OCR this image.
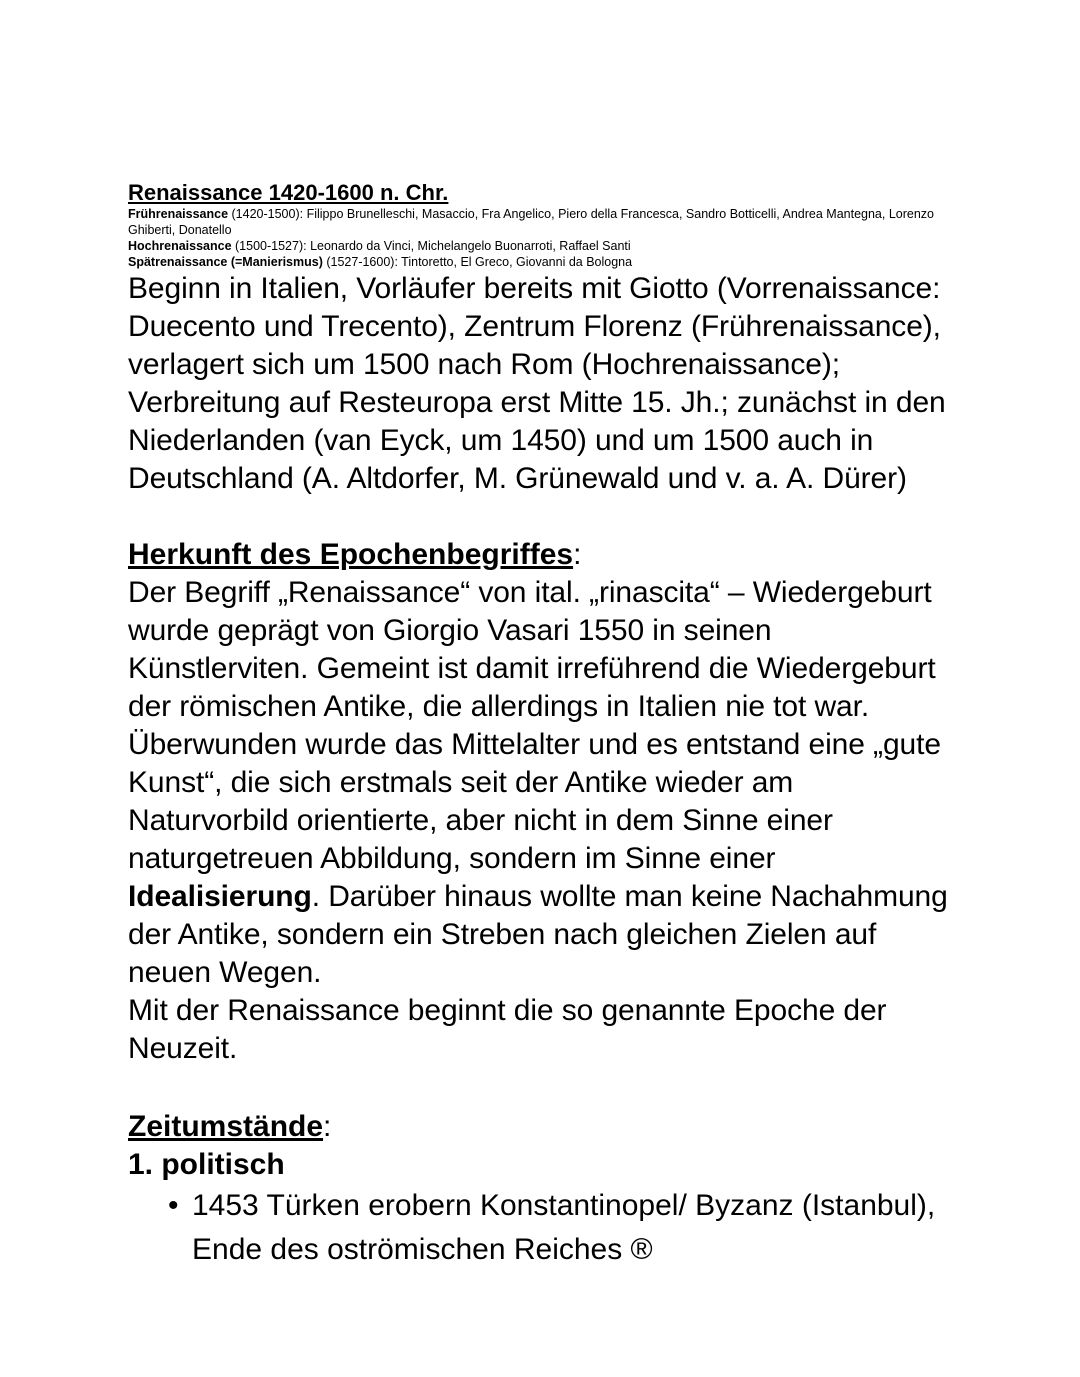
Renaissance 1420-1600 n. Chr.

Frührenaissance (1420-1500): Filippo Brunelleschi, Masaccio, Fra Angelico, Piero della Francesca, Sandro Botticelli, Andrea Mantegna, Lorenzo Ghiberti, Donatello

Hochrenaissance (1500-1527): Leonardo da Vinci, Michelangelo Buonarroti, Raffael Santi

Spätrenaissance (=Manierismus) (1527-1600): Tintoretto, El Greco, Giovanni da Bologna

Beginn in Italien, Vorläufer bereits mit Giotto (Vorrenaissance: Duecento und Trecento), Zentrum Florenz (Frührenaissance), verlagert sich um 1500 nach Rom (Hochrenaissance); Verbreitung auf Resteuropa erst Mitte 15. Jh.; zunächst in den Niederlanden (van Eyck, um 1450) und um 1500 auch in Deutschland (A. Altdorfer, M. Grünewald und v. a. A. Dürer)

Herkunft des Epochenbegriffes:

Der Begriff „Renaissance“ von ital. „rinascita“ – Wiedergeburt wurde geprägt von Giorgio Vasari 1550 in seinen Künstlerviten. Gemeint ist damit irreführend die Wiedergeburt der römischen Antike, die allerdings in Italien nie tot war. Überwunden wurde das Mittelalter und es entstand eine „gute Kunst“, die sich erstmals seit der Antike wieder am Naturvorbild orientierte, aber nicht in dem Sinne einer naturgetreuen Abbildung, sondern im Sinne einer Idealisierung. Darüber hinaus wollte man keine Nachahmung der Antike, sondern ein Streben nach gleichen Zielen auf neuen Wegen.

Mit der Renaissance beginnt die so genannte Epoche der Neuzeit.

Zeitumstände:

1. politisch

• 1453 Türken erobern Konstantinopel/ Byzanz (Istanbul), Ende des oströmischen Reiches ®
